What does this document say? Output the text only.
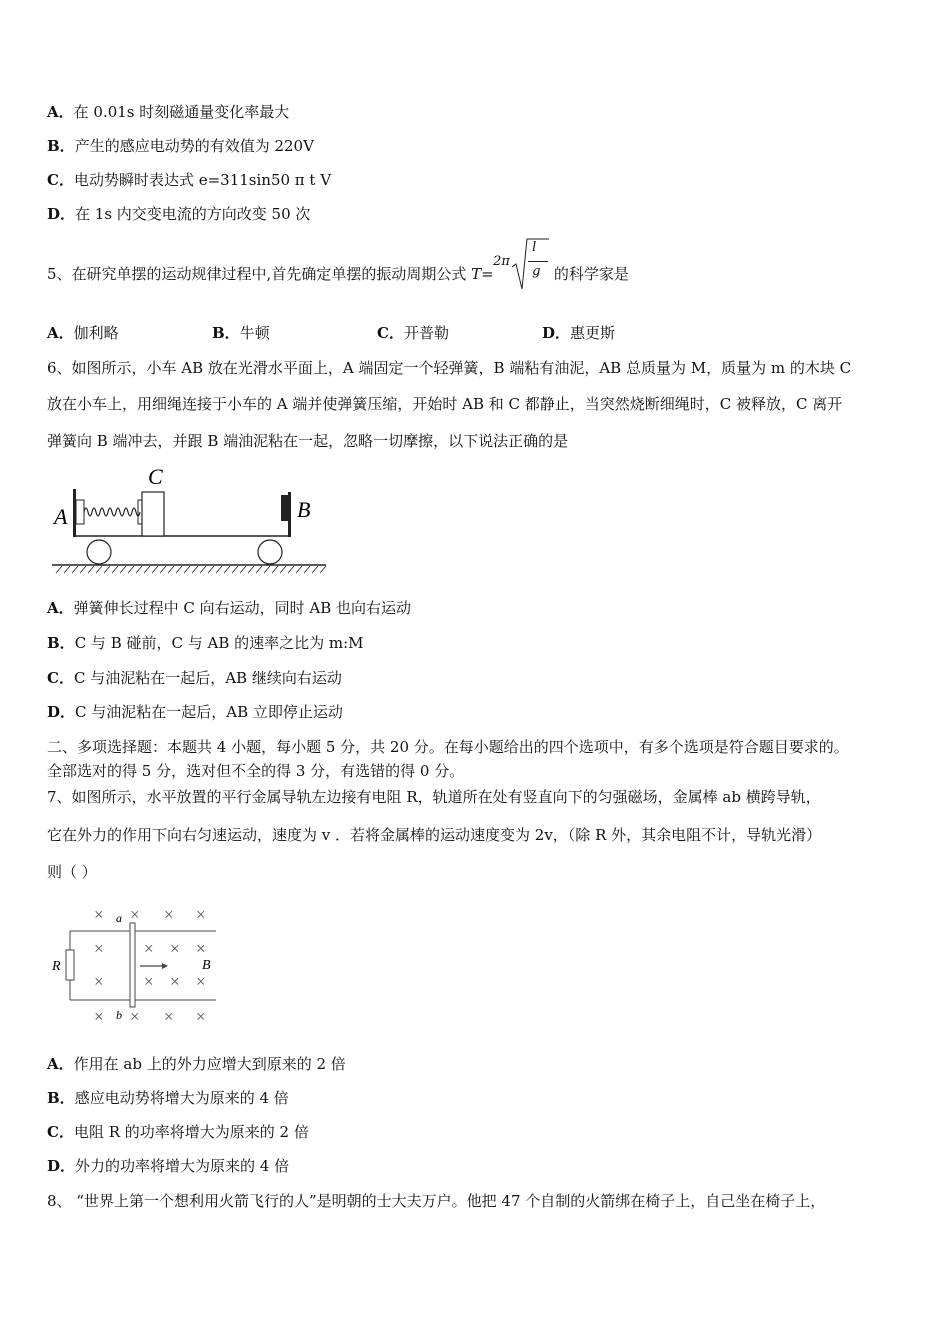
A．在 0.01s 时刻磁通量变化率最大
B．产生的感应电动势的有效值为 220V
C．电动势瞬时表达式 e=311sin50 π t V
D．在 1s 内交变电流的方向改变 50 次
5、在研究单摆的运动规律过程中,首先确定单摆的振动周期公式 T=
2π
l
g 的科学家是
A．伽利略	B．牛顿	C．开普勒	D．惠更斯
6、如图所示，小车 AB 放在光滑水平面上，A 端固定一个轻弹簧，B 端粘有油泥，AB 总质量为 M，质量为 m 的木块 C
放在小车上，用细绳连接于小车的 A 端并使弹簧压缩，开始时 AB 和 C 都静止，当突然烧断细绳时，C 被释放，C 离开
弹簧向 B 端冲去，并跟 B 端油泥粘在一起，忽略一切摩擦，以下说法正确的是
A
C
B
A．弹簧伸长过程中 C 向右运动，同时 AB 也向右运动
B．C 与 B 碰前，C 与 AB 的速率之比为 m:M
C．C 与油泥粘在一起后，AB 继续向右运动
D．C 与油泥粘在一起后，AB 立即停止运动
二、多项选择题：本题共 4 小题，每小题 5 分，共 20 分。在每小题给出的四个选项中，有多个选项是符合题目要求的。
全部选对的得 5 分，选对但不全的得 3 分，有选错的得 0 分。
7、如图所示，水平放置的平行金属导轨左边接有电阻 R，轨道所在处有竖直向下的匀强磁场，金属棒 ab 横跨导轨，
它在外力的作用下向右匀速运动，速度为 v ．若将金属棒的运动速度变为 2v，（除 R 外，其余电阻不计，导轨光滑）
则（ ）
R
a
b
B
× × × ×
× × × ×
× × × ×
× × × ×
A．作用在 ab 上的外力应增大到原来的 2 倍
B．感应电动势将增大为原来的 4 倍
C．电阻 R 的功率将增大为原来的 2 倍
D．外力的功率将增大为原来的 4 倍
8、 “世界上第一个想利用火箭飞行的人”是明朝的士大夫万户。他把 47 个自制的火箭绑在椅子上，自己坐在椅子上，
